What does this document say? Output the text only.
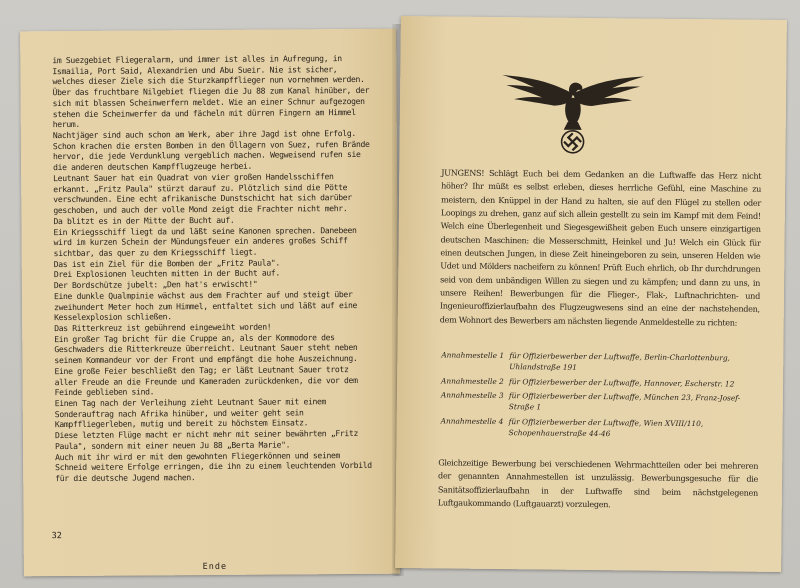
im Suezgebiet Fliegeralarm, und immer ist alles in Aufregung, in Ismailia, Port Said, Alexandrien und Abu Sueir. Nie ist sicher, welches dieser Ziele sich die Sturzkampfflieger nun vornehmen werden.

Über das fruchtbare Nilgebiet fliegen die Ju 88 zum Kanal hinüber, der sich mit blassen Scheinwerfern meldet. Wie an einer Schnur aufgezogen stehen die Scheinwerfer da und fächeln mit dürren Fingern am Himmel herum.

Nachtjäger sind auch schon am Werk, aber ihre Jagd ist ohne Erfolg. Schon krachen die ersten Bomben in den Öllagern von Suez, rufen Brände hervor, die jede Verdunklung vergeblich machen. Wegweisend rufen sie die anderen deutschen Kampfflugzeuge herbei.

Leutnant Sauer hat ein Quadrat von vier großen Handelsschiffen erkannt. „Fritz Paula" stürzt darauf zu. Plötzlich sind die Pötte verschwunden. Eine echt afrikanische Dunstschicht hat sich darüber geschoben, und auch der volle Mond zeigt die Frachter nicht mehr.

Da blitzt es in der Mitte der Bucht auf.

Ein Kriegsschiff liegt da und läßt seine Kanonen sprechen. Danebeen wird im kurzen Schein der Mündungsfeuer ein anderes großes Schiff sichtbar, das quer zu dem Kriegsschiff liegt.

Das ist ein Ziel für die Bomben der „Fritz Paula".

Drei Explosionen leuchten mitten in der Bucht auf.

Der Bordschütze jubelt: „Den hat's erwischt!"

Eine dunkle Qualmpinie wächst aus dem Frachter auf und steigt über zweihundert Meter hoch zum Himmel, entfaltet sich und läßt auf eine Kesselexplosion schließen.

Das Ritterkreuz ist gebührend eingeweiht worden!

Ein großer Tag bricht für die Cruppe an, als der Kommodore des Geschwaders die Ritterkreuze überreicht. Leutnant Sauer steht neben seinem Kommandeur vor der Front und empfängt die hohe Auszeichnung.

Eine große Feier beschließt den Tag; er läßt Leutnant Sauer trotz aller Freude an die Freunde und Kameraden zurückdenken, die vor dem Feinde geblieben sind.

Einen Tag nach der Verleihung zieht Leutnant Sauer mit einem Sonderauftrag nach Afrika hinüber, und weiter geht sein Kampffliegerleben, mutig und bereit zu höchstem Einsatz.

Diese letzten Flüge macht er nicht mehr mit seiner bewährten „Fritz Paula", sondern mit einer neuen Ju 88 „Berta Marie".

Auch mit ihr wird er mit dem gewohnten Fliegerkönnen und seinem Schneid weitere Erfolge erringen, die ihn zu einem leuchtenden Vorbild für die deutsche Jugend machen.

Ende
32

JUNGENS! Schlägt Euch bei dem Gedanken an die Luftwaffe das Herz nicht höher? Ihr müßt es selbst erleben, dieses herrliche Gefühl, eine Maschine zu meistern, den Knüppel in der Hand zu halten, sie auf den Flügel zu stellen oder Loopings zu drehen, ganz auf sich allein gestellt zu sein im Kampf mit dem Feind! Welch eine Überlegenheit und Siegesgewißheit geben Euch unsere einzigartigen deutschen Maschinen: die Messerschmitt, Heinkel und Ju! Welch ein Glück für einen deutschen Jungen, in diese Zeit hineingeboren zu sein, unseren Helden wie Udet und Mölders nacheifern zu können! Prüft Euch ehrlich, ob Ihr durchdrungen seid von dem unbändigen Willen zu siegen und zu kämpfen; und dann zu uns, in unsere Reihen! Bewerbungen für die Flieger-, Flak-, Luftnachrichten- und Ingenieuroffizierlaufbahn des Flugzeugwesens sind an eine der nachstehenden, dem Wohnort des Bewerbers am nächsten liegende Anmeldestelle zu richten:

Annahmestelle 1 für Offizierbewerber der Luftwaffe, Berlin-Charlottenburg, Uhlandstraße 191
Annahmestelle 2 für Offizierbewerber der Luftwaffe, Hannover, Escherstr. 12
Annahmestelle 3 für Offizierbewerber der Luftwaffe, München 23, Franz-Josef-Straße 1
Annahmestelle 4 für Offizierbewerber der Luftwaffe, Wien XVIII/110, Schopenhauerstraße 44-46

Gleichzeitige Bewerbung bei verschiedenen Wehrmachtteilen oder bei mehreren der genannten Annahmestellen ist unzulässig. Bewerbungsgesuche für die Sanitätsoffizierlaufbahn in der Luftwaffe sind beim nächstgelegenen Luftgaukommando (Luftgauarzt) vorzulegen.
